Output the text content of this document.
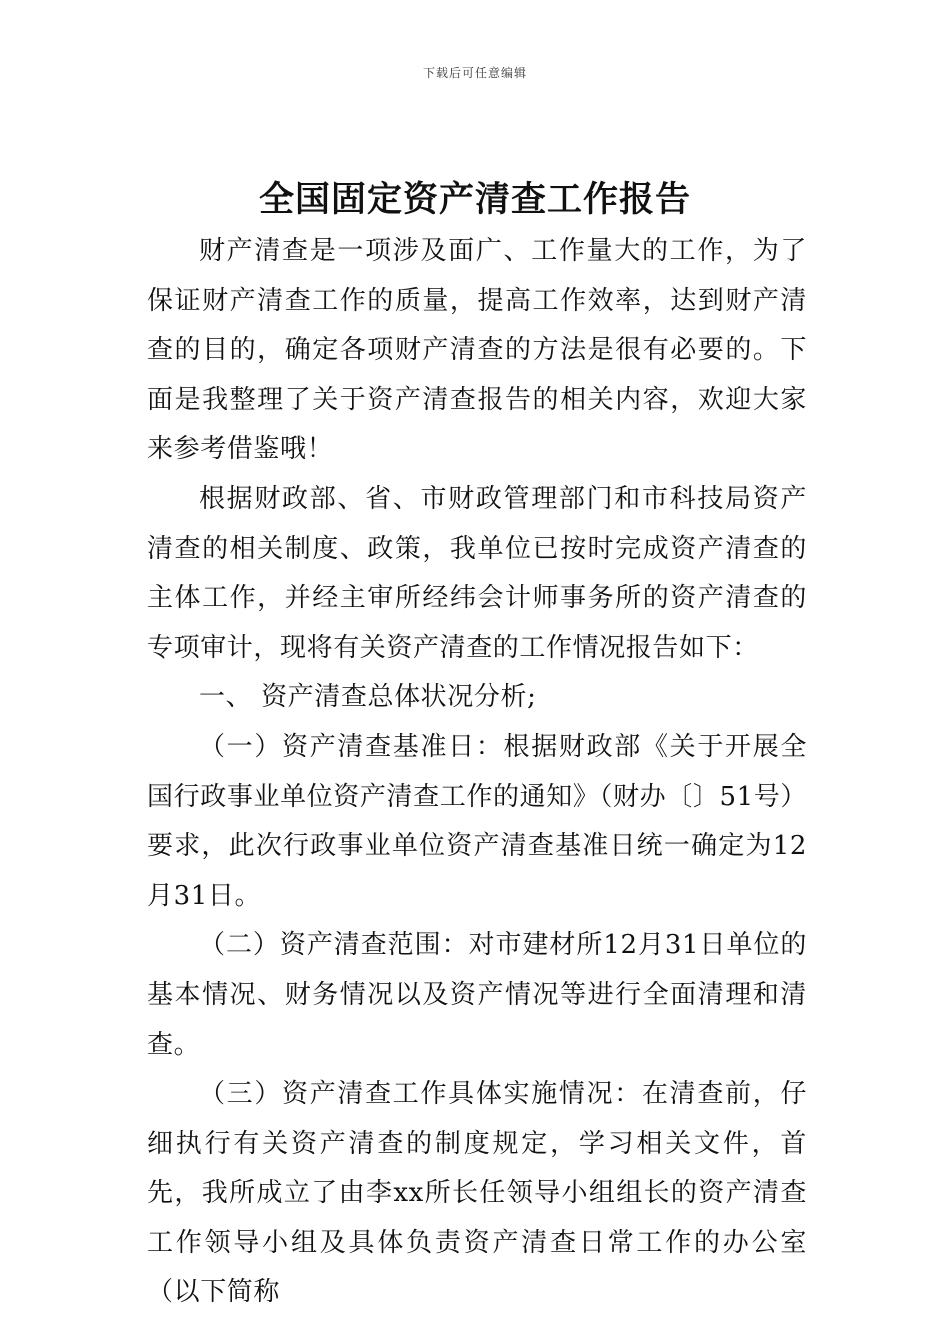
下载后可任意编辑
全国固定资产清查工作报告

财产清查是一项涉及面广、工作量大的工作，为了保证财产清查工作的质量，提高工作效率，达到财产清查的目的，确定各项财产清查的方法是很有必要的。下面是我整理了关于资产清查报告的相关内容，欢迎大家来参考借鉴哦！

根据财政部、省、市财政管理部门和市科技局资产清查的相关制度、政策，我单位已按时完成资产清查的主体工作，并经主审所经纬会计师事务所的资产清查的专项审计，现将有关资产清查的工作情况报告如下：

一、 资产清查总体状况分析;

（一）资产清查基准日：根据财政部《关于开展全国行政事业单位资产清查工作的通知》（财办〔〕51号）要求，此次行政事业单位资产清查基准日统一确定为12月31日。

（二）资产清查范围：对市建材所12月31日单位的基本情况、财务情况以及资产情况等进行全面清理和清查。

（三）资产清查工作具体实施情况：在清查前，仔细执行有关资产清查的制度规定，学习相关文件，首先，我所成立了由李xx所长任领导小组组长的资产清查工作领导小组及具体负责资产清查日常工作的办公室（以下简称
